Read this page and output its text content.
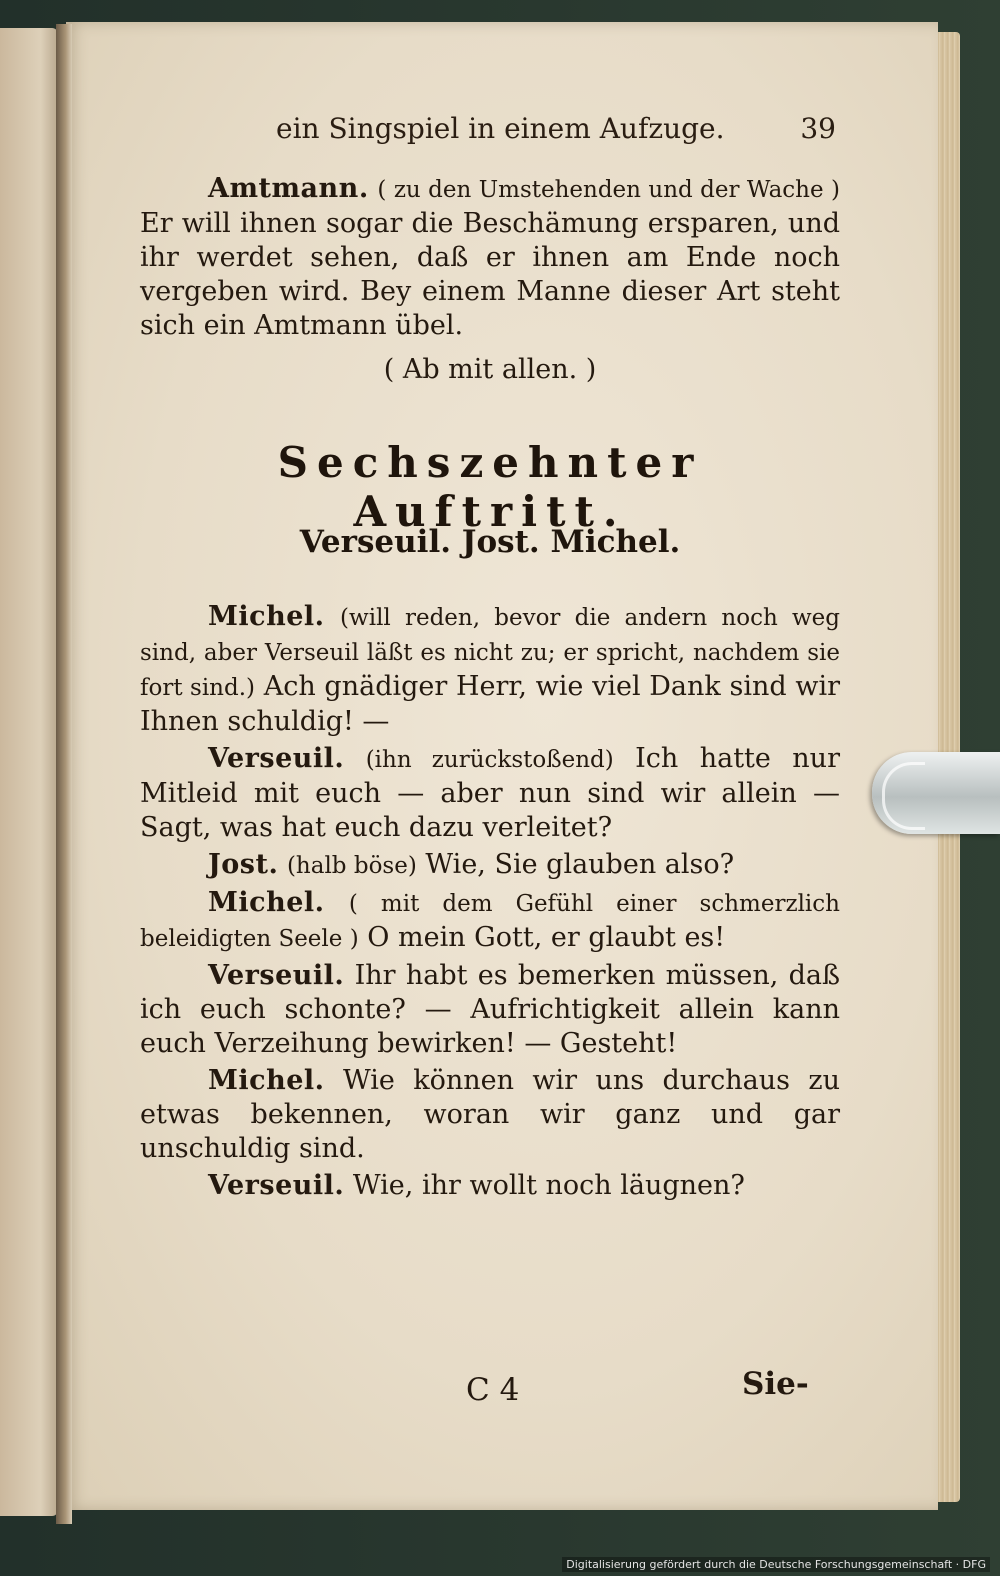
ein Singspiel in einem Aufzuge.	39

Amtmann. ( zu den Umstehenden und der Wache ) Er will ihnen sogar die Beschämung ersparen, und ihr werdet sehen, daß er ihnen am Ende noch vergeben wird. Bey einem Manne dieser Art steht sich ein Amtmann übel.

( Ab mit allen. )
Sechszehnter Auftritt.
Verseuil. Jost. Michel.

Michel. (will reden, bevor die andern noch weg sind, aber Verseuil läßt es nicht zu; er spricht, nachdem sie fort sind.) Ach gnädiger Herr, wie viel Dank sind wir Ihnen schuldig! —

Verseuil. (ihn zurückstoßend) Ich hatte nur Mitleid mit euch — aber nun sind wir allein — Sagt, was hat euch dazu verleitet?

Jost. (halb böse) Wie, Sie glauben also?

Michel. ( mit dem Gefühl einer schmerzlich beleidigten Seele ) O mein Gott, er glaubt es!

Verseuil. Ihr habt es bemerken müssen, daß ich euch schonte? — Aufrichtigkeit allein kann euch Verzeihung bewirken! — Gesteht!

Michel. Wie können wir uns durchaus zu etwas bekennen, woran wir ganz und gar unschuldig sind.

Verseuil. Wie, ihr wollt noch läugnen?

C 4	Sie-
Digitalisierung gefördert durch die Deutsche Forschungsgemeinschaft · DFG
